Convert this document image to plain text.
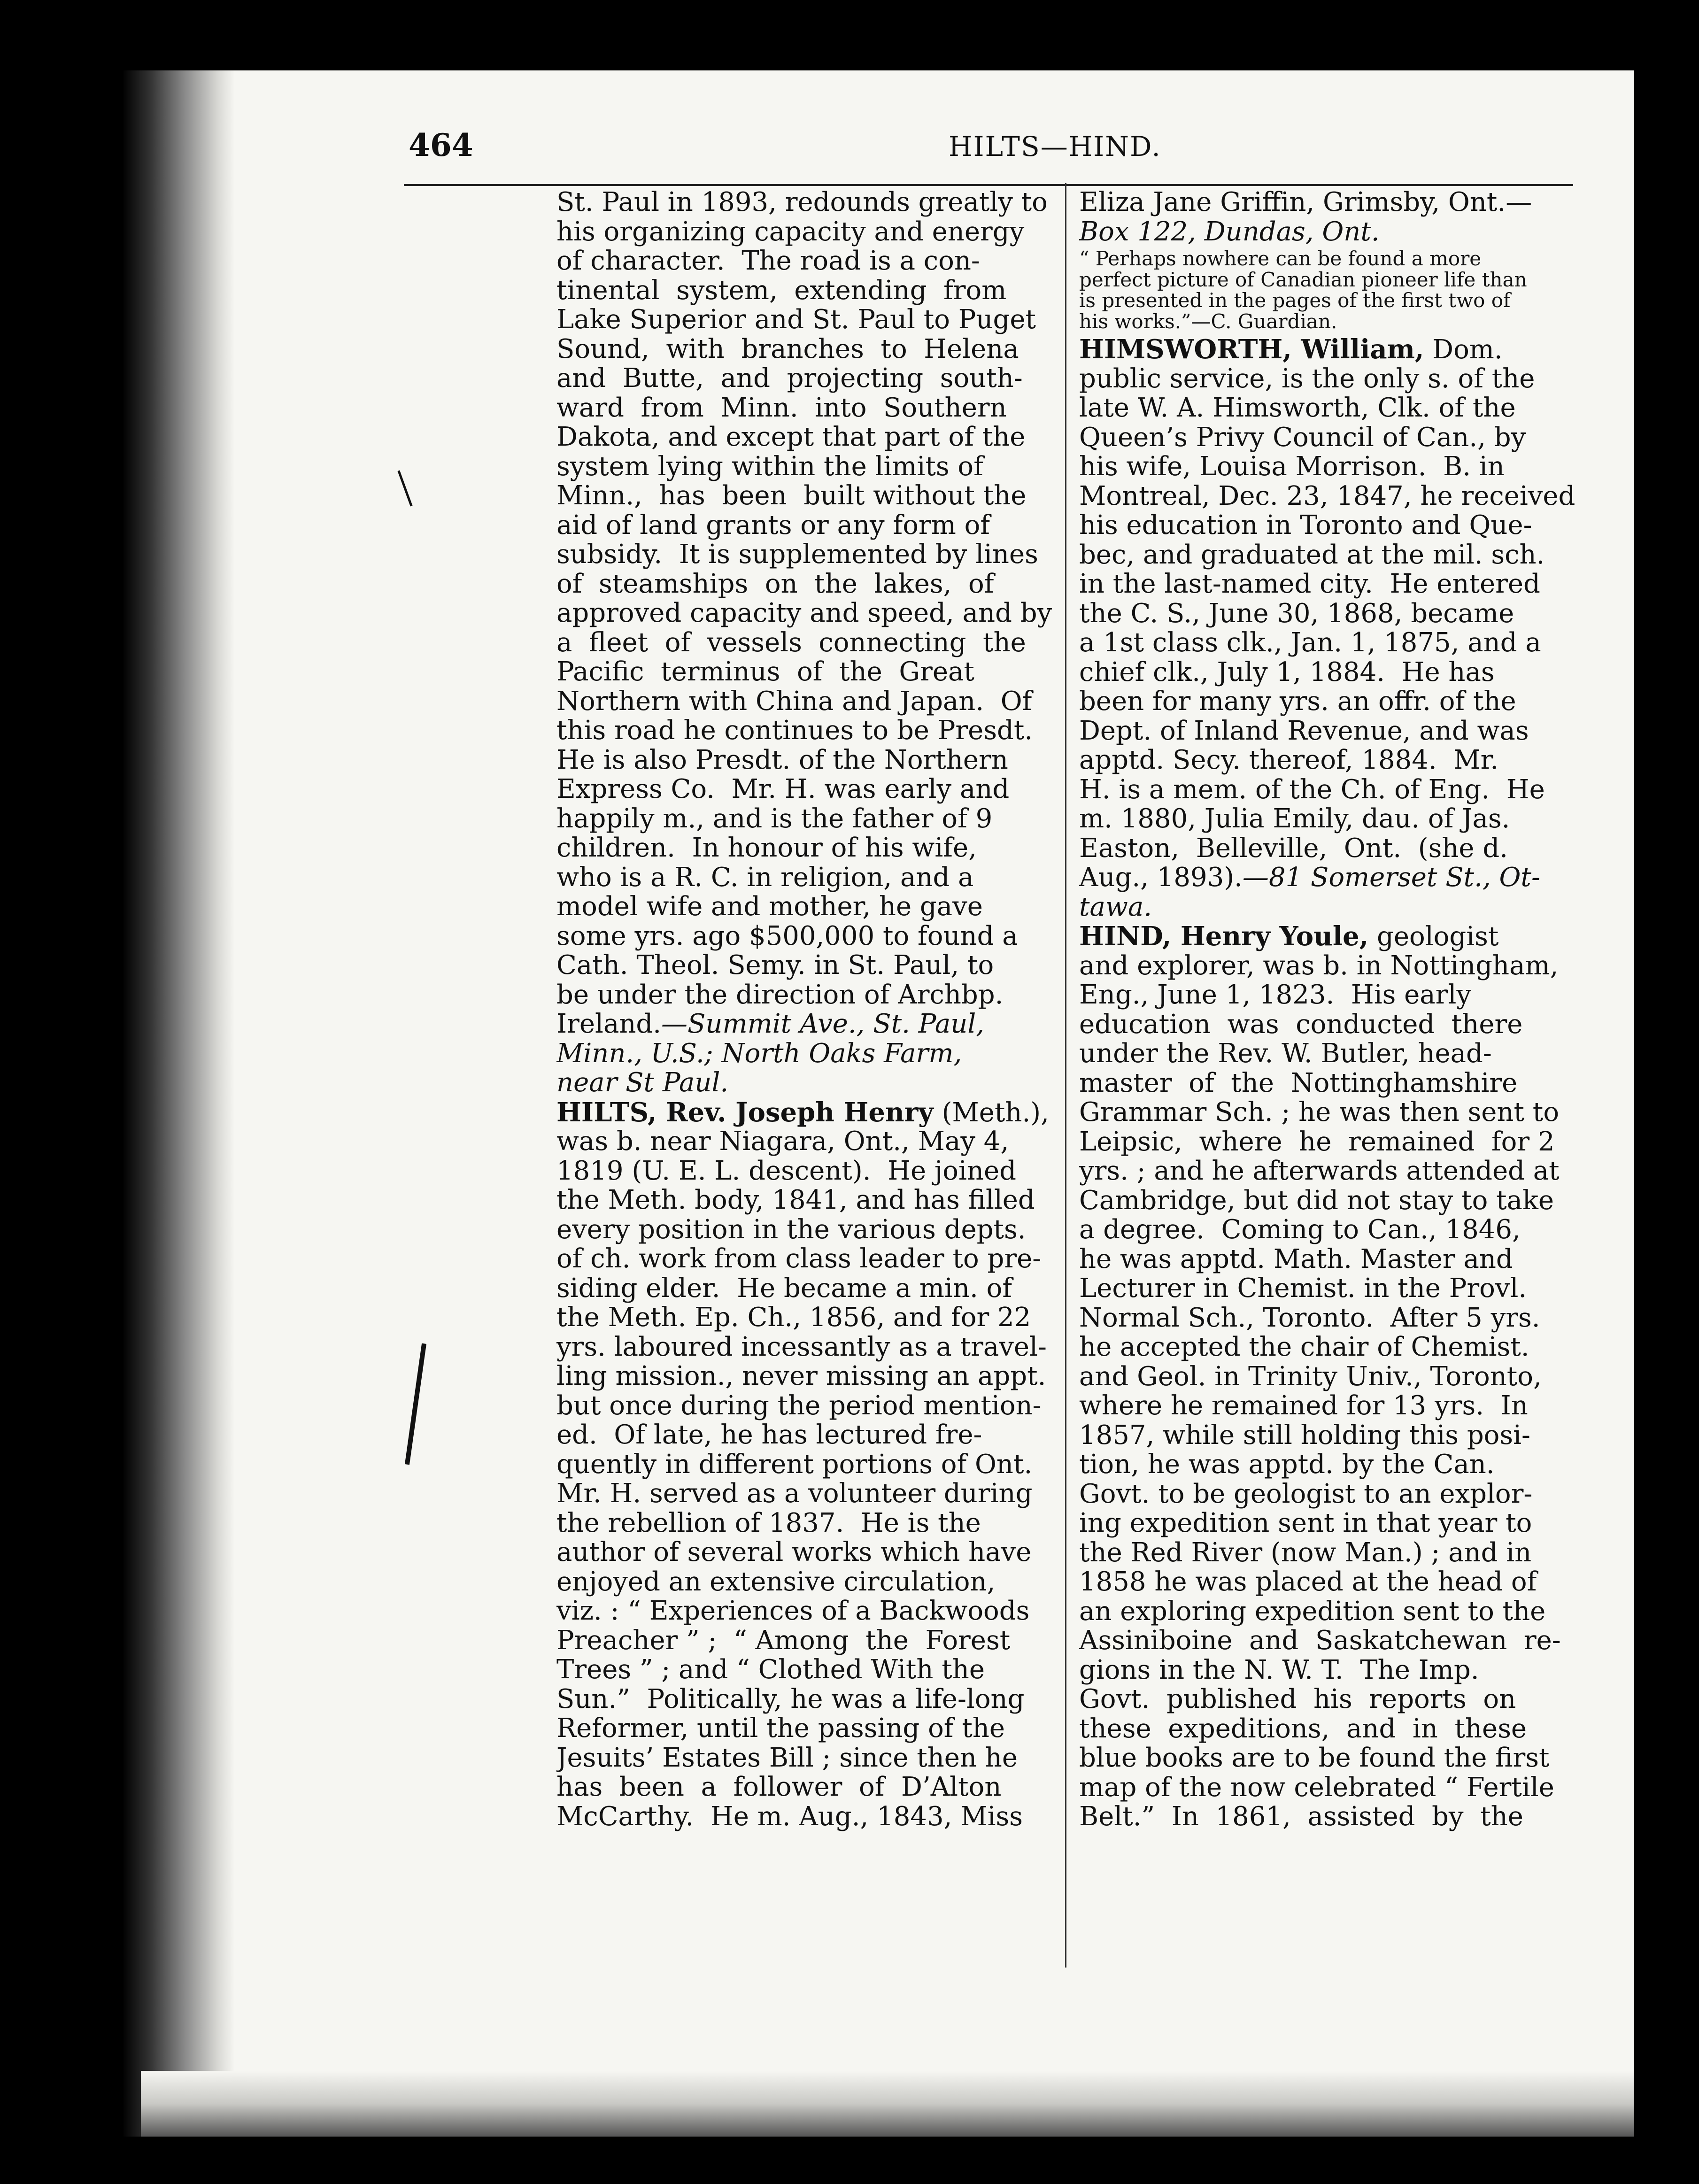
464	HILTS—HIND.
St. Paul in 1893, redounds greatly to
his organizing capacity and energy
of character.  The road is a con-
tinental  system,  extending  from
Lake Superior and St. Paul to Puget
Sound,  with  branches  to  Helena
and  Butte,  and  projecting  south-
ward  from  Minn.  into  Southern
Dakota, and except that part of the
system lying within the limits of
Minn.,  has  been  built without the
aid of land grants or any form of
subsidy.  It is supplemented by lines
of  steamships  on  the  lakes,  of
approved capacity and speed, and by
a  fleet  of  vessels  connecting  the
Pacific  terminus  of  the  Great
Northern with China and Japan.  Of
this road he continues to be Presdt.
He is also Presdt. of the Northern
Express Co.  Mr. H. was early and
happily m., and is the father of 9
children.  In honour of his wife,
who is a R. C. in religion, and a
model wife and mother, he gave
some yrs. ago $500,000 to found a
Cath. Theol. Semy. in St. Paul, to
be under the direction of Archbp.
Ireland.—Summit Ave., St. Paul,
Minn., U.S.; North Oaks Farm,
near St Paul.
HILTS, Rev. Joseph Henry (Meth.),
was b. near Niagara, Ont., May 4,
1819 (U. E. L. descent).  He joined
the Meth. body, 1841, and has filled
every position in the various depts.
of ch. work from class leader to pre-
siding elder.  He became a min. of
the Meth. Ep. Ch., 1856, and for 22
yrs. laboured incessantly as a travel-
ling mission., never missing an appt.
but once during the period mention-
ed.  Of late, he has lectured fre-
quently in different portions of Ont.
Mr. H. served as a volunteer during
the rebellion of 1837.  He is the
author of several works which have
enjoyed an extensive circulation,
viz. : “ Experiences of a Backwoods
Preacher ” ;  “ Among  the  Forest
Trees ” ; and “ Clothed With the
Sun.”  Politically, he was a life-long
Reformer, until the passing of the
Jesuits’ Estates Bill ; since then he
has  been  a  follower  of  D’Alton
McCarthy.  He m. Aug., 1843, Miss
Eliza Jane Griffin, Grimsby, Ont.—
Box 122, Dundas, Ont.
“ Perhaps nowhere can be found a more
perfect picture of Canadian pioneer life than
is presented in the pages of the first two of
his works.”—C. Guardian.
HIMSWORTH, William, Dom.
public service, is the only s. of the
late W. A. Himsworth, Clk. of the
Queen’s Privy Council of Can., by
his wife, Louisa Morrison.  B. in
Montreal, Dec. 23, 1847, he received
his education in Toronto and Que-
bec, and graduated at the mil. sch.
in the last-named city.  He entered
the C. S., June 30, 1868, became
a 1st class clk., Jan. 1, 1875, and a
chief clk., July 1, 1884.  He has
been for many yrs. an offr. of the
Dept. of Inland Revenue, and was
apptd. Secy. thereof, 1884.  Mr.
H. is a mem. of the Ch. of Eng.  He
m. 1880, Julia Emily, dau. of Jas.
Easton,  Belleville,  Ont.  (she d.
Aug., 1893).—81 Somerset St., Ot-
tawa.
HIND, Henry Youle, geologist
and explorer, was b. in Nottingham,
Eng., June 1, 1823.  His early
education  was  conducted  there
under the Rev. W. Butler, head-
master  of  the  Nottinghamshire
Grammar Sch. ; he was then sent to
Leipsic,  where  he  remained  for 2
yrs. ; and he afterwards attended at
Cambridge, but did not stay to take
a degree.  Coming to Can., 1846,
he was apptd. Math. Master and
Lecturer in Chemist. in the Provl.
Normal Sch., Toronto.  After 5 yrs.
he accepted the chair of Chemist.
and Geol. in Trinity Univ., Toronto,
where he remained for 13 yrs.  In
1857, while still holding this posi-
tion, he was apptd. by the Can.
Govt. to be geologist to an explor-
ing expedition sent in that year to
the Red River (now Man.) ; and in
1858 he was placed at the head of
an exploring expedition sent to the
Assiniboine  and  Saskatchewan  re-
gions in the N. W. T.  The Imp.
Govt.  published  his  reports  on
these  expeditions,  and  in  these
blue books are to be found the first
map of the now celebrated “ Fertile
Belt.”  In  1861,  assisted  by  the
